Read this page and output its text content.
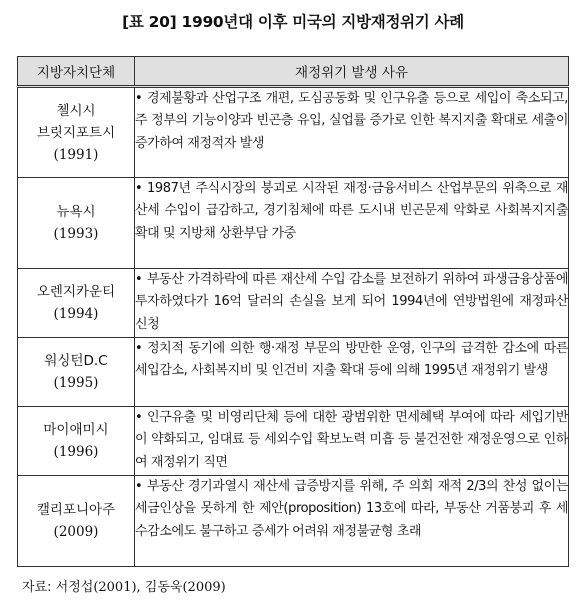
[표 20] 1990년대 이후 미국의 지방재정위기 사례
지방자치단체	재정위기 발생 사유

첼시시
브릿지포트시
(1991)	• 경제불황과 산업구조 개편, 도심공동화 및 인구유출 등으로 세입이 축소되고, 주 정부의 기능이양과 빈곤층 유입, 실업률 증가로 인한 복지지출 확대로 세출이 증가하여 재정적자 발생

뉴욕시
(1993)	• 1987년 주식시장의 붕괴로 시작된 재정·금융서비스 산업부문의 위축으로 재산세 수입이 급감하고, 경기침체에 따른 도시내 빈곤문제 악화로 사회복지지출 확대 및 지방채 상환부담 가중

오렌지카운티
(1994)	• 부동산 가격하락에 따른 재산세 수입 감소를 보전하기 위하여 파생금융상품에 투자하였다가 16억 달러의 손실을 보게 되어 1994년에 연방법원에 재정파산 신청

워싱턴D.C
(1995)	• 정치적 동기에 의한 행·재정 부문의 방만한 운영, 인구의 급격한 감소에 따른 세입감소, 사회복지비 및 인건비 지출 확대 등에 의해 1995년 재정위기 발생

마이애미시
(1996)	• 인구유출 및 비영리단체 등에 대한 광범위한 면세혜택 부여에 따라 세입기반이 약화되고, 임대료 등 세외수입 확보노력 미흡 등 불건전한 재정운영으로 인하여 재정위기 직면

캘리포니아주
(2009)	• 부동산 경기과열시 재산세 급증방지를 위해, 주 의회 재적 2/3의 찬성 없이는 세금인상을 못하게 한 제안(proposition) 13호에 따라, 부동산 거품붕괴 후 세수감소에도 불구하고 증세가 어려워 재정불균형 초래
자료: 서정섭(2001), 김동욱(2009)
